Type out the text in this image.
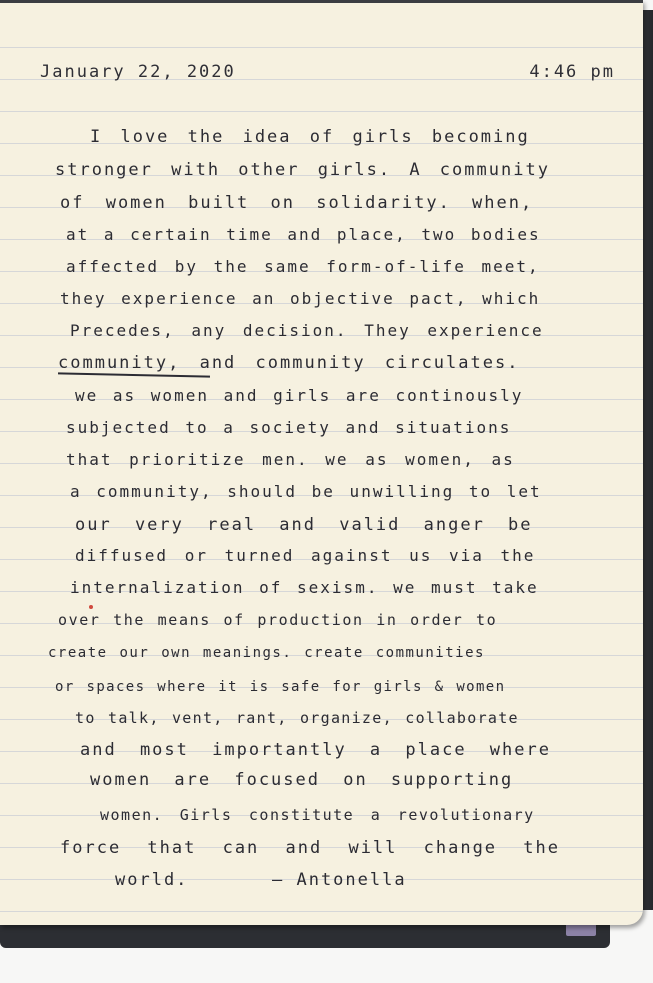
January 22, 2020	4:46 pm
I love the idea of girls becoming
stronger with other girls. A community
of women built on solidarity. when,
at a certain time and place, two bodies
affected by the same form-of-life meet,
they experience an objective pact, which
Precedes, any decision. They experience
community, and community circulates.
we as women and girls are continously
subjected to a society and situations
that prioritize men. we as women, as
a community, should be unwilling to let
our very real and valid anger be
diffused or turned against us via the
internalization of sexism. we must take
over the means of production in order to
create our own meanings. create communities
or spaces where it is safe for girls & women
to talk, vent, rant, organize, collaborate
and most importantly a place where
women are focused on supporting
women. Girls constitute a revolutionary
force that can and will change the
world.	— Antonella
